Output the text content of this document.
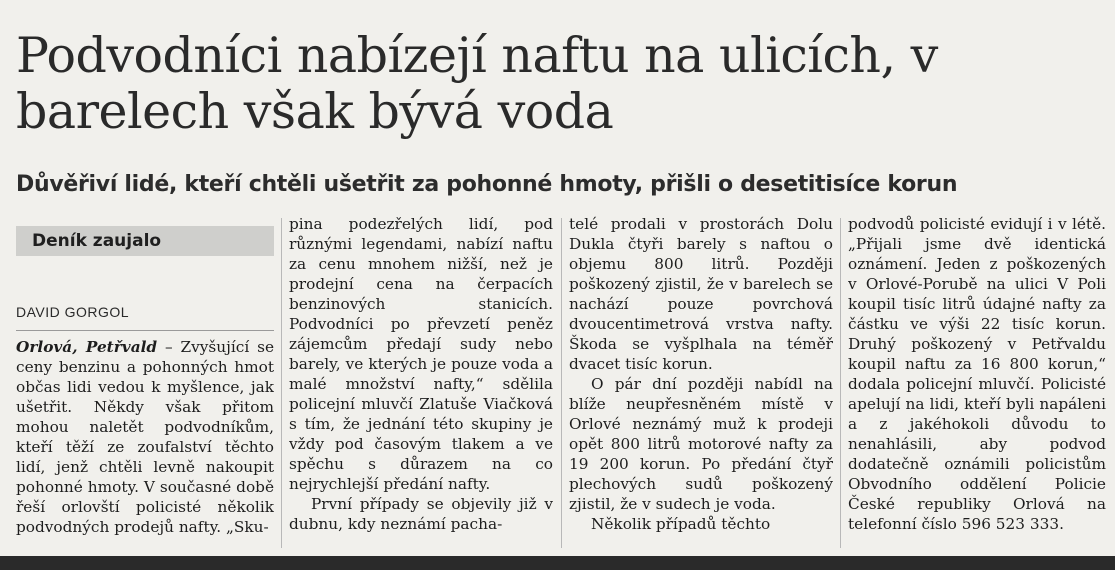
Podvodníci nabízejí naftu na ulicích, v barelech však bývá voda
Důvěřiví lidé, kteří chtěli ušetřit za pohonné hmoty, přišli o desetitisíce korun
Deník zaujalo
DAVID GORGOL

Orlová, Petřvald – Zvyšující se ceny benzinu a pohonných hmot občas lidi vedou k myšlence, jak ušetřit. Někdy však přitom mohou naletět podvodníkům, kteří těží ze zoufalství těchto lidí, jenž chtěli levně nakoupit pohonné hmoty. V současné době řeší orlovští policisté několik podvodných prodejů nafty. „Sku-

pina podezřelých lidí, pod různými legendami, nabízí naftu za cenu mnohem nižší, než je prodejní cena na čerpacích benzinových stanicích. Podvodníci po převzetí peněz zájemcům předají sudy nebo barely, ve kterých je pouze voda a malé množství nafty,“ sdělila policejní mluvčí Zlatuše Viačková s tím, že jednání této skupiny je vždy pod časovým tlakem a ve spěchu s důrazem na co nejrychlejší předání nafty.

První případy se objevily již v dubnu, kdy neznámí pacha-

telé prodali v prostorách Dolu Dukla čtyři barely s naftou o objemu 800 litrů. Později poškozený zjistil, že v barelech se nachází pouze povrchová dvoucentimetrová vrstva nafty. Škoda se vyšplhala na téměř dvacet tisíc korun.

O pár dní později nabídl na blíže neupřesněném místě v Orlové neznámý muž k prodeji opět 800 litrů motorové nafty za 19 200 korun. Po předání čtyř plechových sudů poškozený zjistil, že v sudech je voda.

Několik případů těchto

podvodů policisté evidují i v létě. „Přijali jsme dvě identická oznámení. Jeden z poškozených v Orlové-Porubě na ulici V Poli koupil tisíc litrů údajné nafty za částku ve výši 22 tisíc korun. Druhý poškozený v Petřvaldu koupil naftu za 16 800 korun,“ dodala policejní mluvčí. Policisté apelují na lidi, kteří byli napáleni a z jakéhokoli důvodu to nenahlásili, aby podvod dodatečně oznámili policistům Obvodního oddělení Policie České republiky Orlová na telefonní číslo 596 523 333.
